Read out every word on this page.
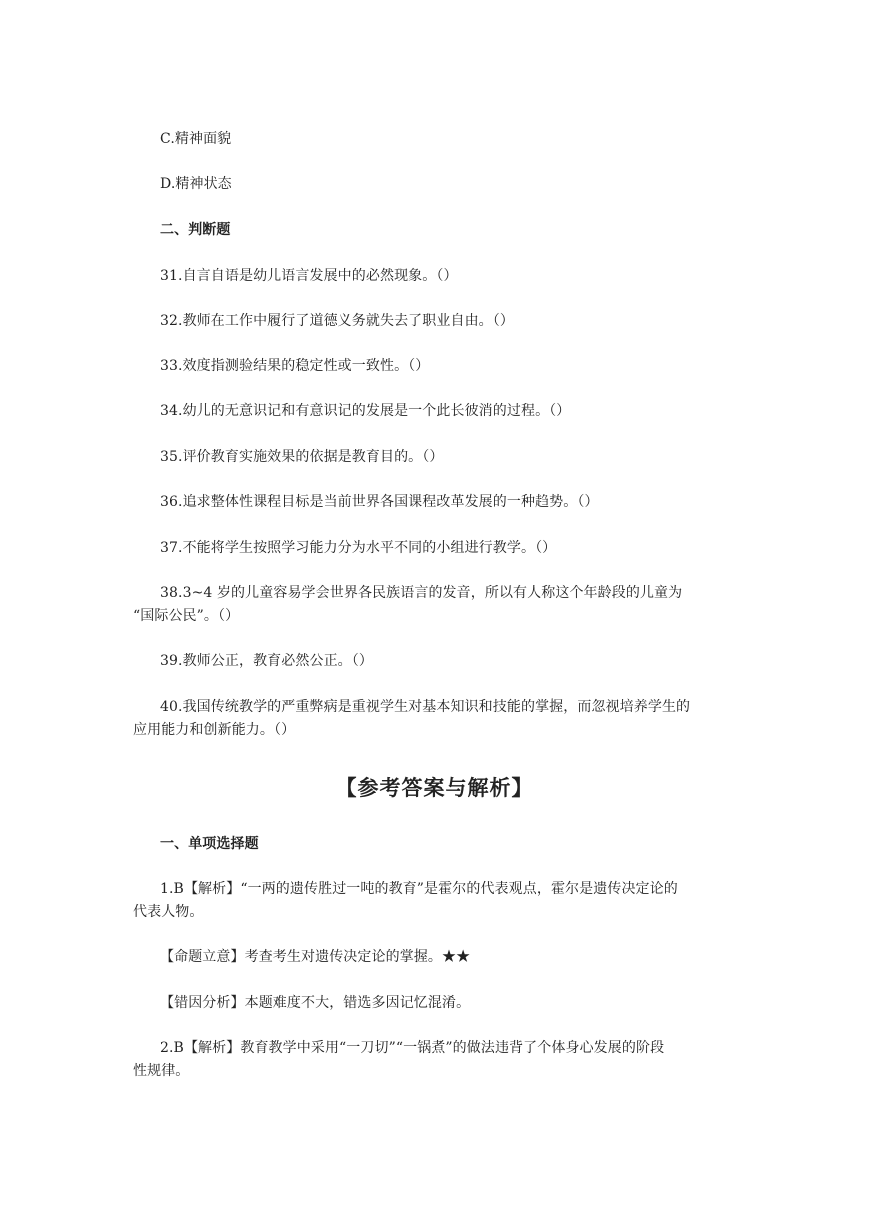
C.精神面貌
D.精神状态
二、判断题
31.自言自语是幼儿语言发展中的必然现象。（）
32.教师在工作中履行了道德义务就失去了职业自由。（）
33.效度指测验结果的稳定性或一致性。（）
34.幼儿的无意识记和有意识记的发展是一个此长彼消的过程。（）
35.评价教育实施效果的依据是教育目的。（）
36.追求整体性课程目标是当前世界各国课程改革发展的一种趋势。（）
37.不能将学生按照学习能力分为水平不同的小组进行教学。（）
38.3~4 岁的儿童容易学会世界各民族语言的发音，所以有人称这个年龄段的儿童为
“国际公民”。（）
39.教师公正，教育必然公正。（）
40.我国传统教学的严重弊病是重视学生对基本知识和技能的掌握，而忽视培养学生的
应用能力和创新能力。（）
【参考答案与解析】
一、单项选择题
1.B【解析】“一两的遗传胜过一吨的教育”是霍尔的代表观点，霍尔是遗传决定论的
代表人物。
【命题立意】考查考生对遗传决定论的掌握。★★
【错因分析】本题难度不大，错选多因记忆混淆。
2.B【解析】教育教学中采用“一刀切”“一锅煮”的做法违背了个体身心发展的阶段
性规律。
